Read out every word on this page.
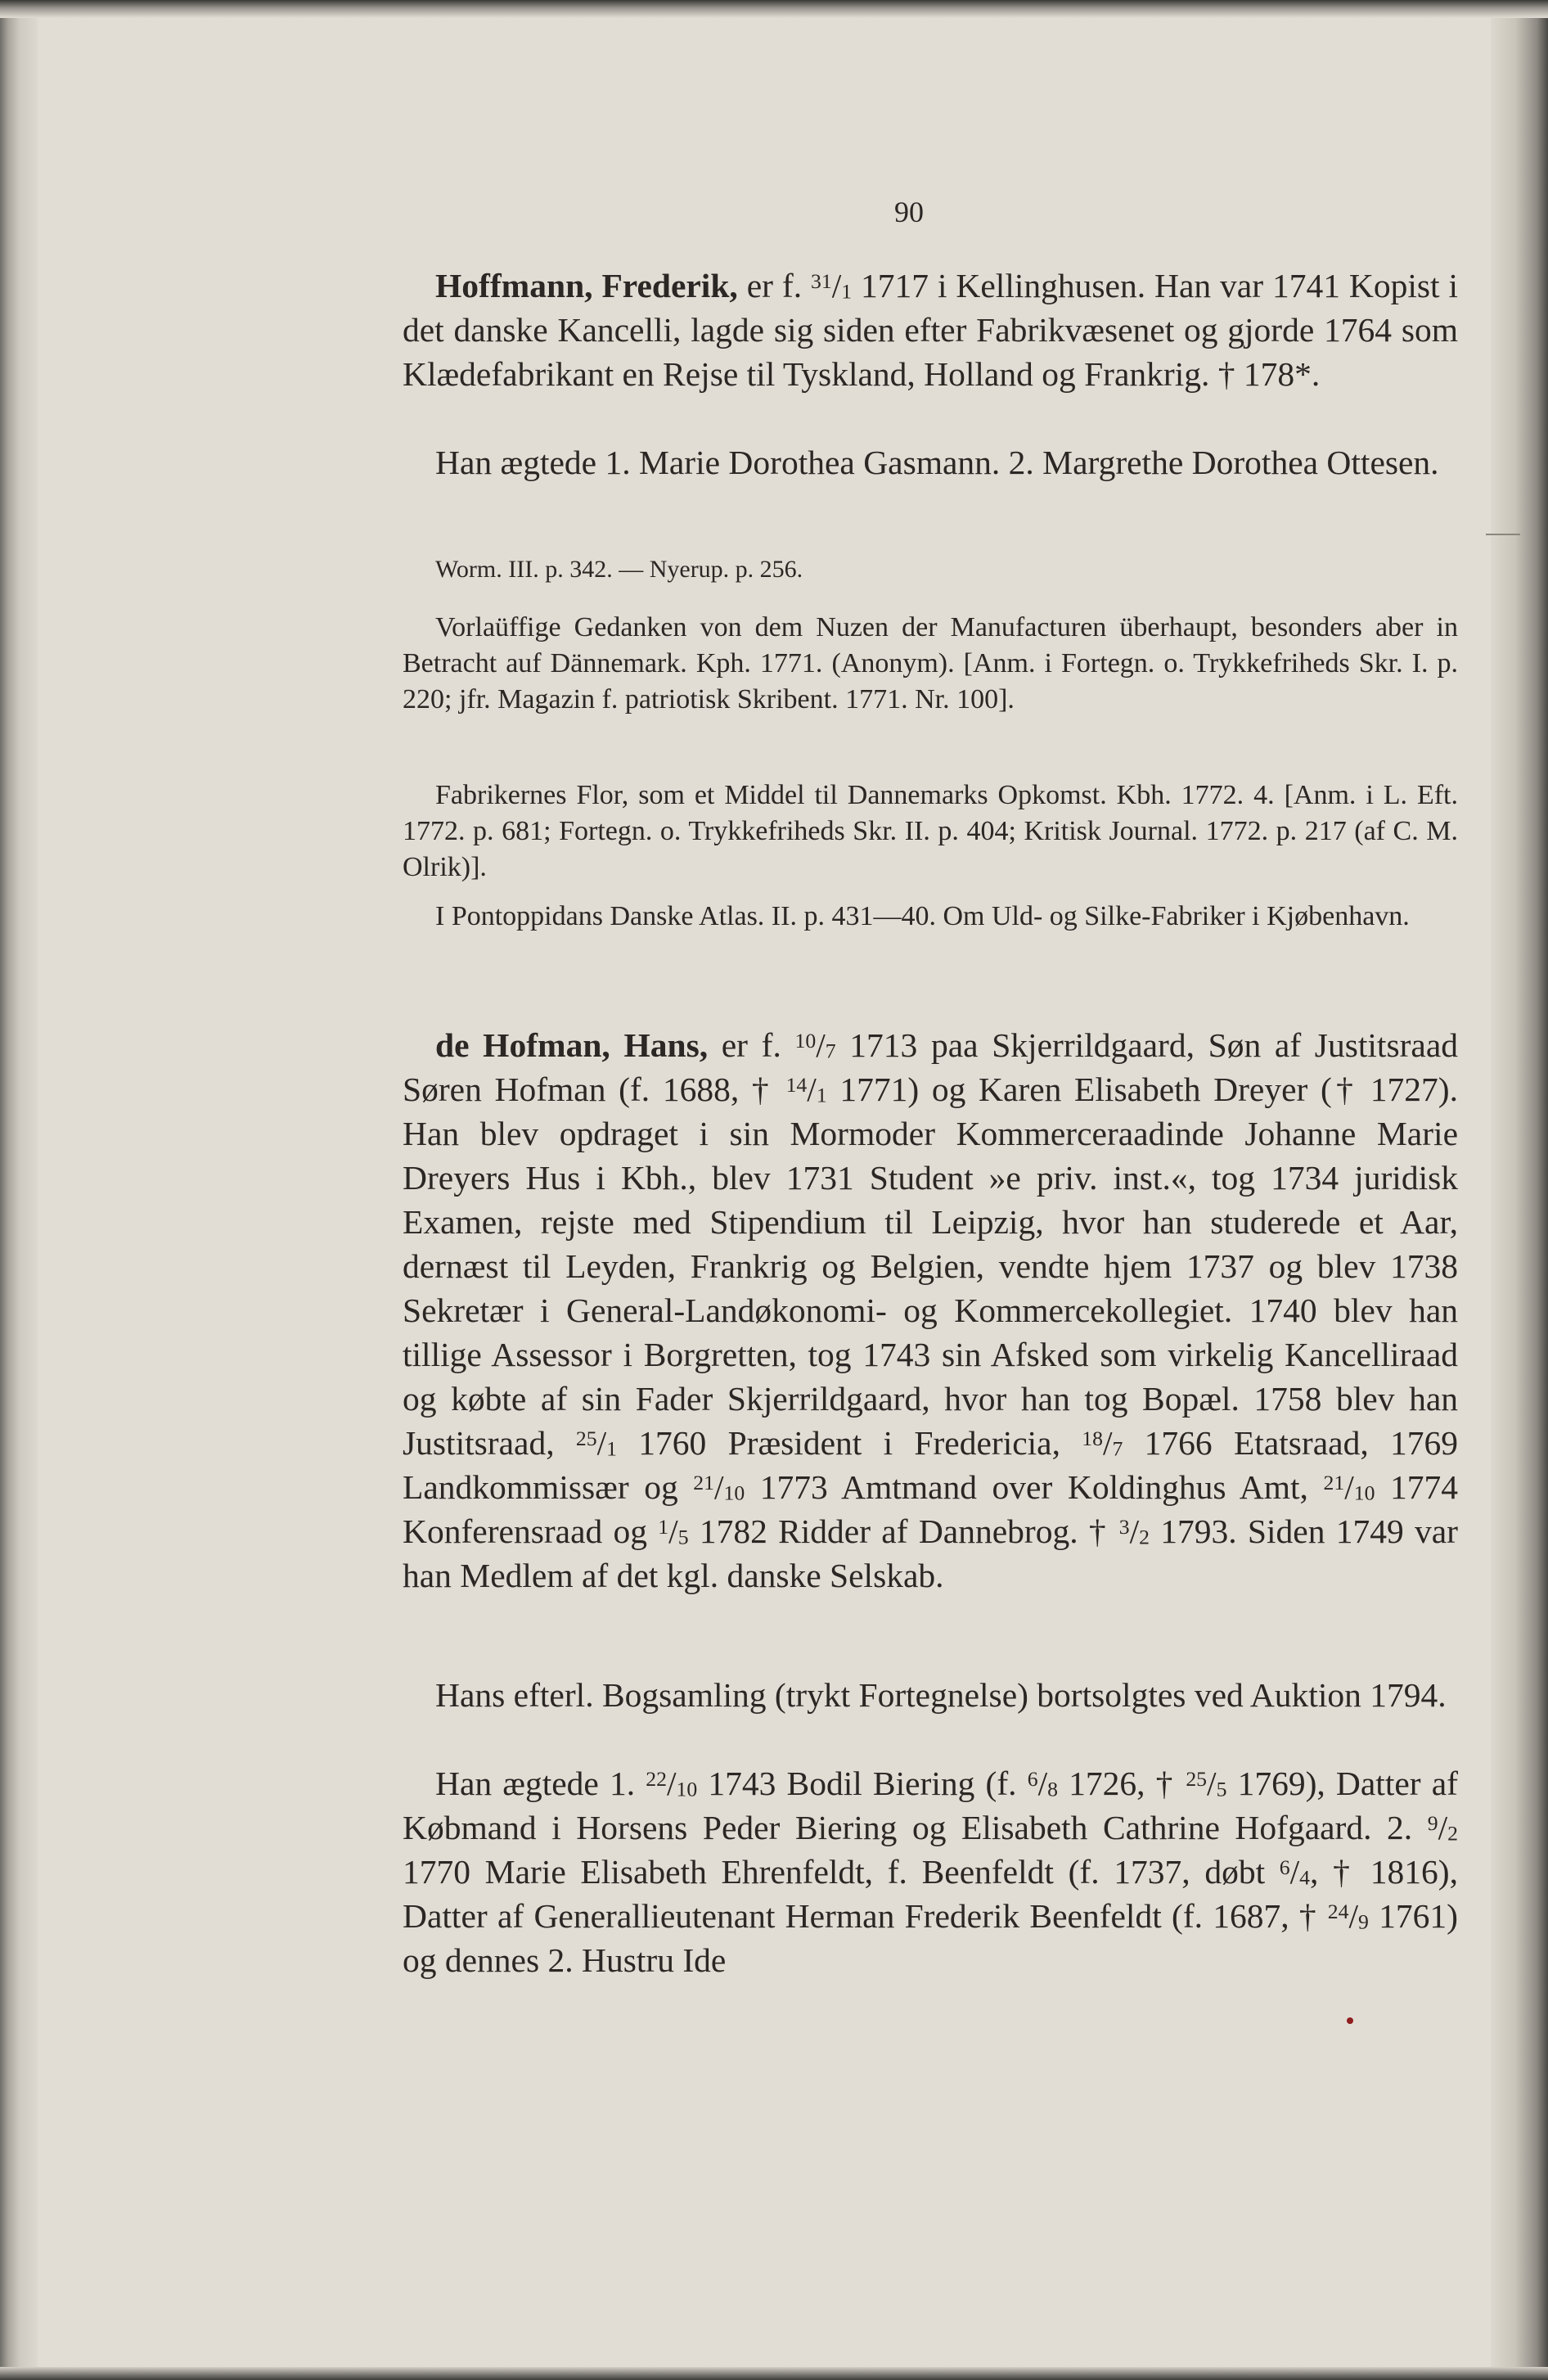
90

Hoffmann, Frederik, er f. $^{31}$/1 1717 i Kellinghusen. Han var 1741 Kopist i det danske Kancelli, lagde sig siden efter Fabrikvæsenet og gjorde 1764 som Klædefabrikant en Rejse til Tyskland, Holland og Frankrig. † 178*.

Han ægtede 1. Marie Dorothea Gasmann. 2. Margrethe Dorothea Ottesen.

Worm. III. p. 342. — Nyerup. p. 256.

Vorlaüffige Gedanken von dem Nuzen der Manufacturen überhaupt, besonders aber in Betracht auf Dännemark. Kph. 1771. (Anonym). [Anm. i Fortegn. o. Trykkefriheds Skr. I. p. 220; jfr. Magazin f. patriotisk Skribent. 1771. Nr. 100].

Fabrikernes Flor, som et Middel til Dannemarks Opkomst. Kbh. 1772. 4. [Anm. i L. Eft. 1772. p. 681; Fortegn. o. Trykkefriheds Skr. II. p. 404; Kritisk Journal. 1772. p. 217 (af C. M. Olrik)].

I Pontoppidans Danske Atlas. II. p. 431—40. Om Uld- og Silke-Fabriker i Kjøbenhavn.

de Hofman, Hans, er f. $^{10}$/7 1713 paa Skjerrildgaard, Søn af Justitsraad Søren Hofman (f. 1688, † $^{14}$/1 1771) og Karen Elisabeth Dreyer († 1727). Han blev opdraget i sin Mormoder Kommerceraadinde Johanne Marie Dreyers Hus i Kbh., blev 1731 Student »e priv. inst.«, tog 1734 juridisk Examen, rejste med Stipendium til Leipzig, hvor han studerede et Aar, dernæst til Leyden, Frankrig og Belgien, vendte hjem 1737 og blev 1738 Sekretær i General-Landøkonomi- og Kommercekollegiet. 1740 blev han tillige Assessor i Borgretten, tog 1743 sin Afsked som virkelig Kancelliraad og købte af sin Fader Skjerrildgaard, hvor han tog Bopæl. 1758 blev han Justitsraad, $^{25}$/1 1760 Præsident i Fredericia, $^{18}$/7 1766 Etatsraad, 1769 Landkommissær og $^{21}$/10 1773 Amtmand over Koldinghus Amt, $^{21}$/10 1774 Konferensraad og $^1$/5 1782 Ridder af Dannebrog. † $^3$/2 1793. Siden 1749 var han Medlem af det kgl. danske Selskab.

Hans efterl. Bogsamling (trykt Fortegnelse) bortsolgtes ved Auktion 1794.

Han ægtede 1. $^{22}$/10 1743 Bodil Biering (f. $^6$/8 1726, † $^{25}$/5 1769), Datter af Købmand i Horsens Peder Biering og Elisabeth Cathrine Hofgaard. 2. $^9$/2 1770 Marie Elisabeth Ehrenfeldt, f. Beenfeldt (f. 1737, døbt $^6$/4, † 1816), Datter af Generallieutenant Herman Frederik Beenfeldt (f. 1687, † $^{24}$/9 1761) og dennes 2. Hustru Ide
